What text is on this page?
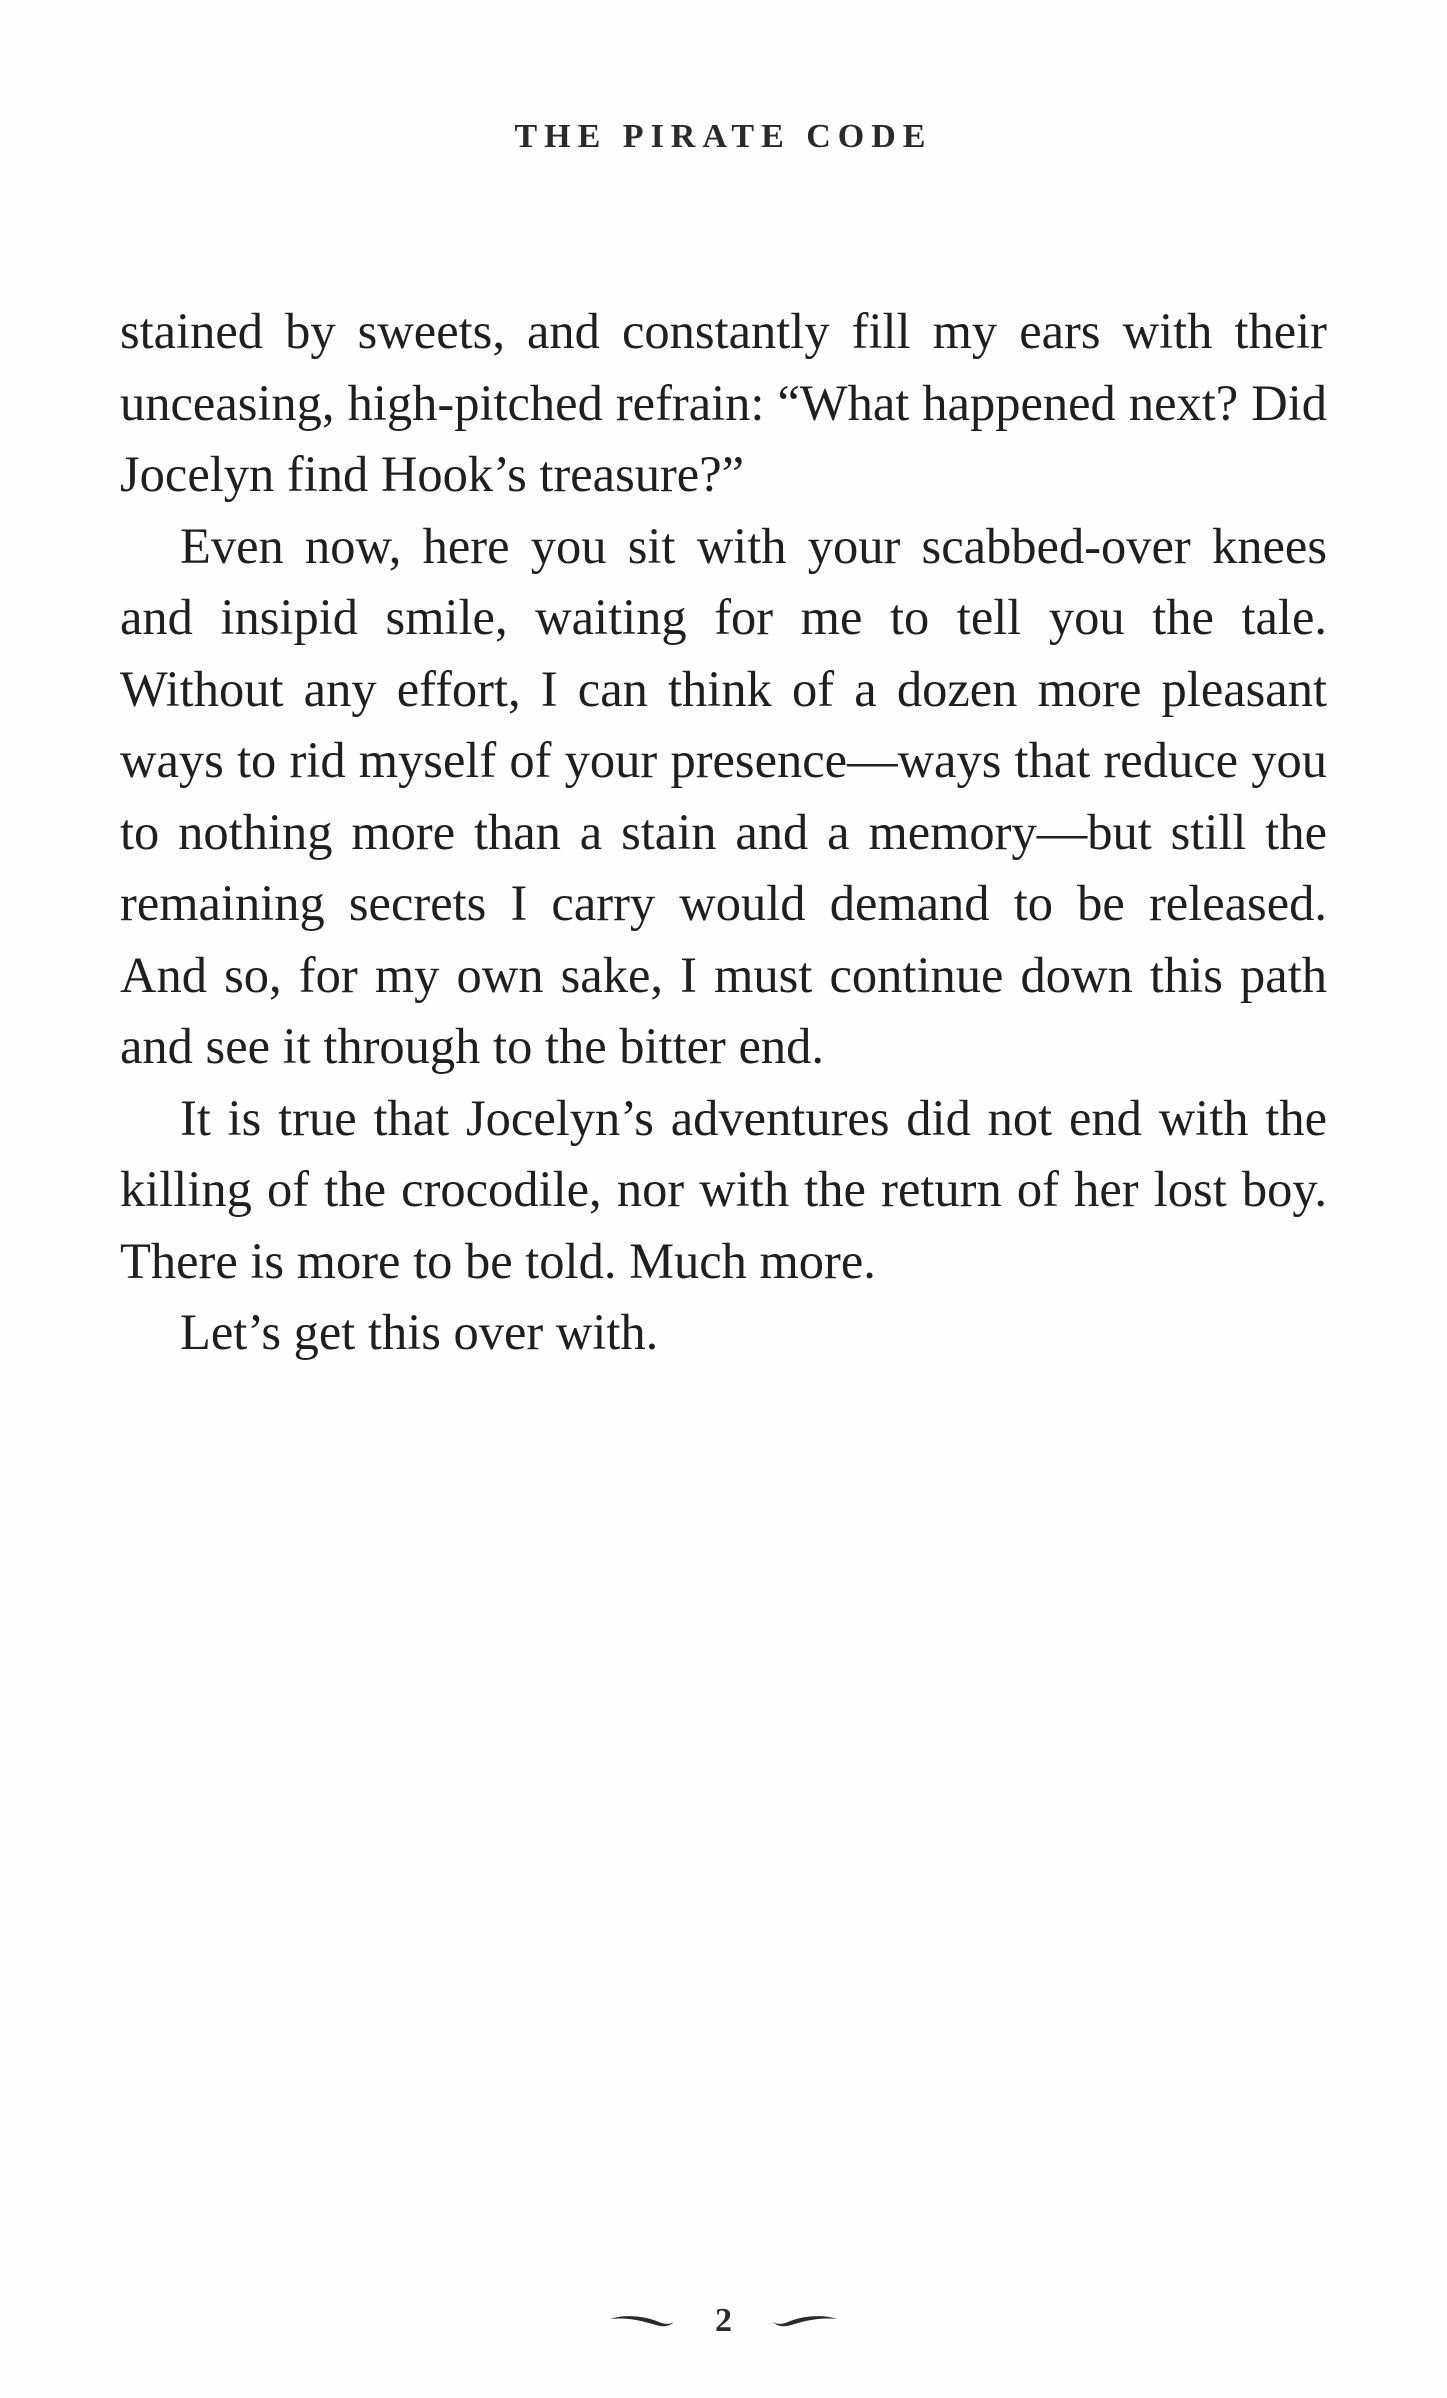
THE PIRATE CODE

stained by sweets, and constantly fill my ears with their unceasing, high-pitched refrain: “What happened next? Did Jocelyn find Hook’s treasure?”

Even now, here you sit with your scabbed-over knees and insipid smile, waiting for me to tell you the tale. Without any effort, I can think of a dozen more pleasant ways to rid myself of your presence—ways that reduce you to nothing more than a stain and a memory—but still the remaining secrets I carry would demand to be released. And so, for my own sake, I must continue down this path and see it through to the bitter end.

It is true that Jocelyn’s adventures did not end with the killing of the crocodile, nor with the return of her lost boy. There is more to be told. Much more.

Let’s get this over with.

2
